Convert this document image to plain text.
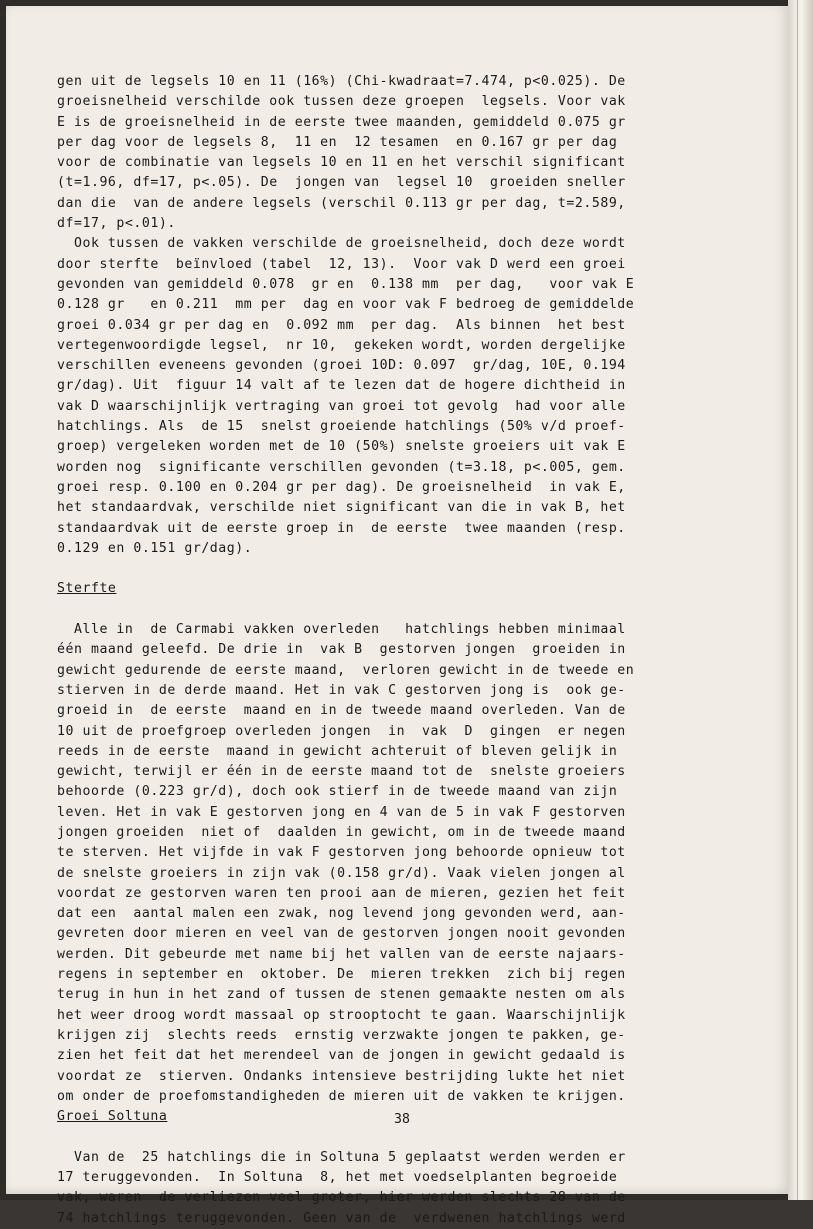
gen uit de legsels 10 en 11 (16%) (Chi-kwadraat=7.474, p<0.025). De
groeisnelheid verschilde ook tussen deze groepen  legsels. Voor vak
E is de groeisnelheid in de eerste twee maanden, gemiddeld 0.075 gr
per dag voor de legsels 8,  11 en  12 tesamen  en 0.167 gr per dag
voor de combinatie van legsels 10 en 11 en het verschil significant
(t=1.96, df=17, p<.05). De  jongen van  legsel 10  groeiden sneller
dan die  van de andere legsels (verschil 0.113 gr per dag, t=2.589,
df=17, p<.01).
Ook tussen de vakken verschilde de groeisnelheid, doch deze wordt
door sterfte  beïnvloed (tabel  12, 13).  Voor vak D werd een groei
gevonden van gemiddeld 0.078  gr en  0.138 mm  per dag,   voor vak E
0.128 gr   en 0.211  mm per  dag en voor vak F bedroeg de gemiddelde
groei 0.034 gr per dag en  0.092 mm  per dag.  Als binnen  het best
vertegenwoordigde legsel,  nr 10,  gekeken wordt, worden dergelijke
verschillen eveneens gevonden (groei 10D: 0.097  gr/dag, 10E, 0.194
gr/dag). Uit  figuur 14 valt af te lezen dat de hogere dichtheid in
vak D waarschijnlijk vertraging van groei tot gevolg  had voor alle
hatchlings. Als  de 15  snelst groeiende hatchlings (50% v/d proef-
groep) vergeleken worden met de 10 (50%) snelste groeiers uit vak E
worden nog  significante verschillen gevonden (t=3.18, p<.005, gem.
groei resp. 0.100 en 0.204 gr per dag). De groeisnelheid  in vak E,
het standaardvak, verschilde niet significant van die in vak B, het
standaardvak uit de eerste groep in  de eerste  twee maanden (resp.
0.129 en 0.151 gr/dag).
Sterfte
Alle in  de Carmabi vakken overleden   hatchlings hebben minimaal
één maand geleefd. De drie in  vak B  gestorven jongen  groeiden in
gewicht gedurende de eerste maand,  verloren gewicht in de tweede en
stierven in de derde maand. Het in vak C gestorven jong is  ook ge-
groeid in  de eerste  maand en in de tweede maand overleden. Van de
10 uit de proefgroep overleden jongen  in  vak  D  gingen  er negen
reeds in de eerste  maand in gewicht achteruit of bleven gelijk in
gewicht, terwijl er één in de eerste maand tot de  snelste groeiers
behoorde (0.223 gr/d), doch ook stierf in de tweede maand van zijn
leven. Het in vak E gestorven jong en 4 van de 5 in vak F gestorven
jongen groeiden  niet of  daalden in gewicht, om in de tweede maand
te sterven. Het vijfde in vak F gestorven jong behoorde opnieuw tot
de snelste groeiers in zijn vak (0.158 gr/d). Vaak vielen jongen al
voordat ze gestorven waren ten prooi aan de mieren, gezien het feit
dat een  aantal malen een zwak, nog levend jong gevonden werd, aan-
gevreten door mieren en veel van de gestorven jongen nooit gevonden
werden. Dit gebeurde met name bij het vallen van de eerste najaars-
regens in september en  oktober. De  mieren trekken  zich bij regen
terug in hun in het zand of tussen de stenen gemaakte nesten om als
het weer droog wordt massaal op strooptocht te gaan. Waarschijnlijk
krijgen zij  slechts reeds  ernstig verzwakte jongen te pakken, ge-
zien het feit dat het merendeel van de jongen in gewicht gedaald is
voordat ze  stierven. Ondanks intensieve bestrijding lukte het niet
om onder de proefomstandigheden de mieren uit de vakken te krijgen.
Groei Soltuna
Van de  25 hatchlings die in Soltuna 5 geplaatst werden werden er
17 teruggevonden.  In Soltuna  8, het met voedselplanten begroeide
vak, waren  de verliezen veel groter, hier werden slechts 28 van de
74 hatchlings teruggevonden. Geen van de  verdwenen hatchlings werd
38
